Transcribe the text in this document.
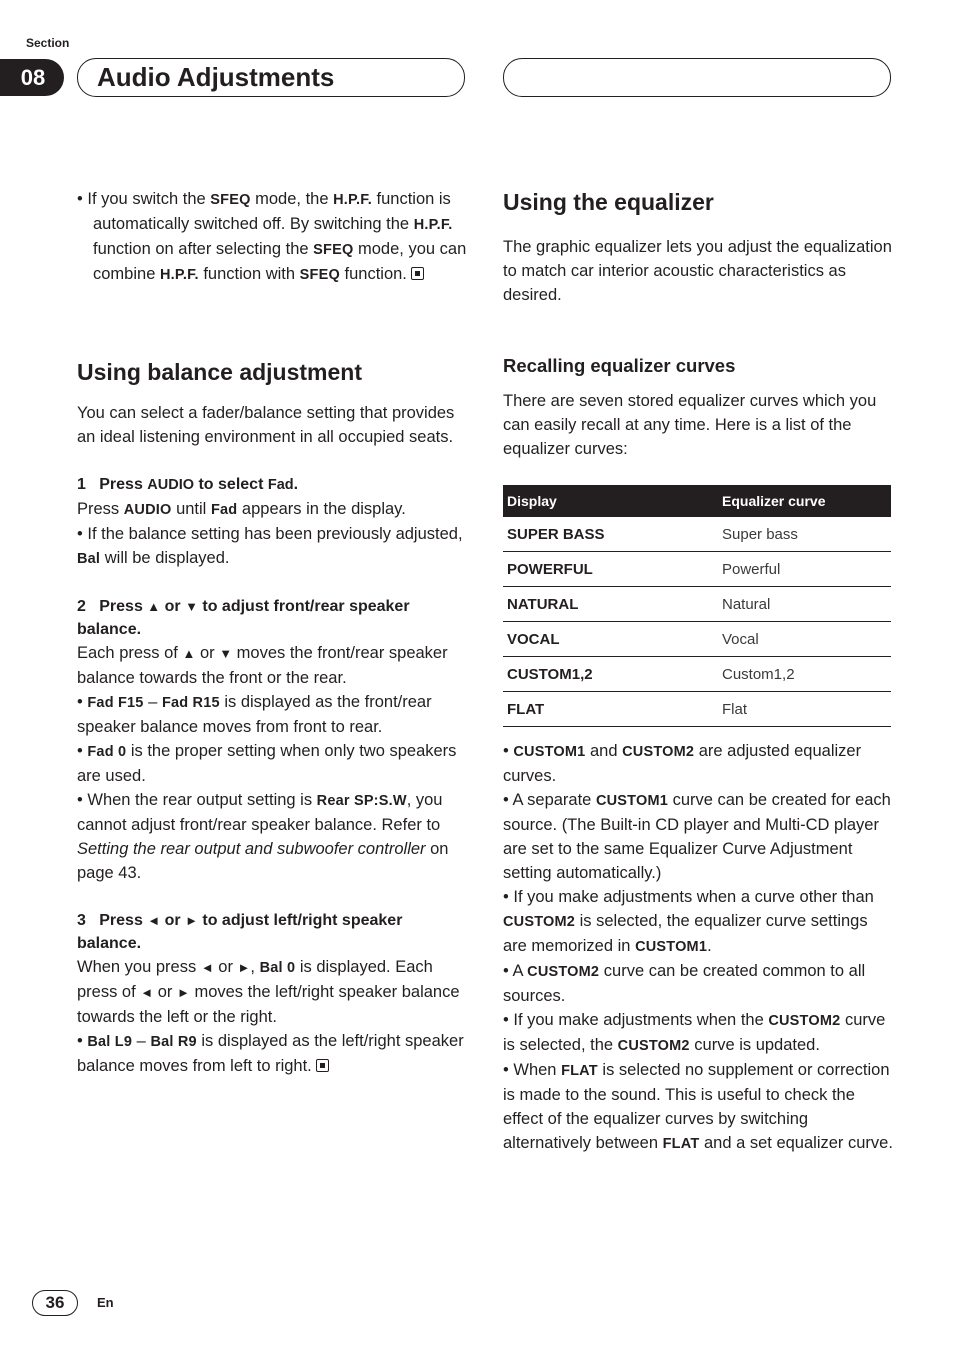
Section
08	Audio Adjustments

• If you switch the SFEQ mode, the H.P.F. function is automatically switched off. By switching the H.P.F. function on after selecting the SFEQ mode, you can combine H.P.F. function with SFEQ function.

Using balance adjustment

You can select a fader/balance setting that provides an ideal listening environment in all occupied seats.

1 Press AUDIO to select Fad.

Press AUDIO until Fad appears in the display.

• If the balance setting has been previously adjusted, Bal will be displayed.

2 Press ▲ or ▼ to adjust front/rear speaker balance.

Each press of ▲ or ▼ moves the front/rear speaker balance towards the front or the rear.

• Fad F15 – Fad R15 is displayed as the front/rear speaker balance moves from front to rear.

• Fad 0 is the proper setting when only two speakers are used.

• When the rear output setting is Rear SP:S.W, you cannot adjust front/rear speaker balance. Refer to Setting the rear output and subwoofer controller on page 43.

3 Press ◄ or ► to adjust left/right speaker balance.

When you press ◄ or ►, Bal 0 is displayed. Each press of ◄ or ► moves the left/right speaker balance towards the left or the right.

• Bal L9 – Bal R9 is displayed as the left/right speaker balance moves from left to right.

Using the equalizer

The graphic equalizer lets you adjust the equalization to match car interior acoustic characteristics as desired.

Recalling equalizer curves

There are seven stored equalizer curves which you can easily recall at any time. Here is a list of the equalizer curves:

Display	Equalizer curve
SUPER BASS	Super bass
POWERFUL	Powerful
NATURAL	Natural
VOCAL	Vocal
CUSTOM1,2	Custom1,2
FLAT	Flat

• CUSTOM1 and CUSTOM2 are adjusted equalizer curves.

• A separate CUSTOM1 curve can be created for each source. (The Built-in CD player and Multi-CD player are set to the same Equalizer Curve Adjustment setting automatically.)

• If you make adjustments when a curve other than CUSTOM2 is selected, the equalizer curve settings are memorized in CUSTOM1.

• A CUSTOM2 curve can be created common to all sources.

• If you make adjustments when the CUSTOM2 curve is selected, the CUSTOM2 curve is updated.

• When FLAT is selected no supplement or correction is made to the sound. This is useful to check the effect of the equalizer curves by switching alternatively between FLAT and a set equalizer curve.

36	En
